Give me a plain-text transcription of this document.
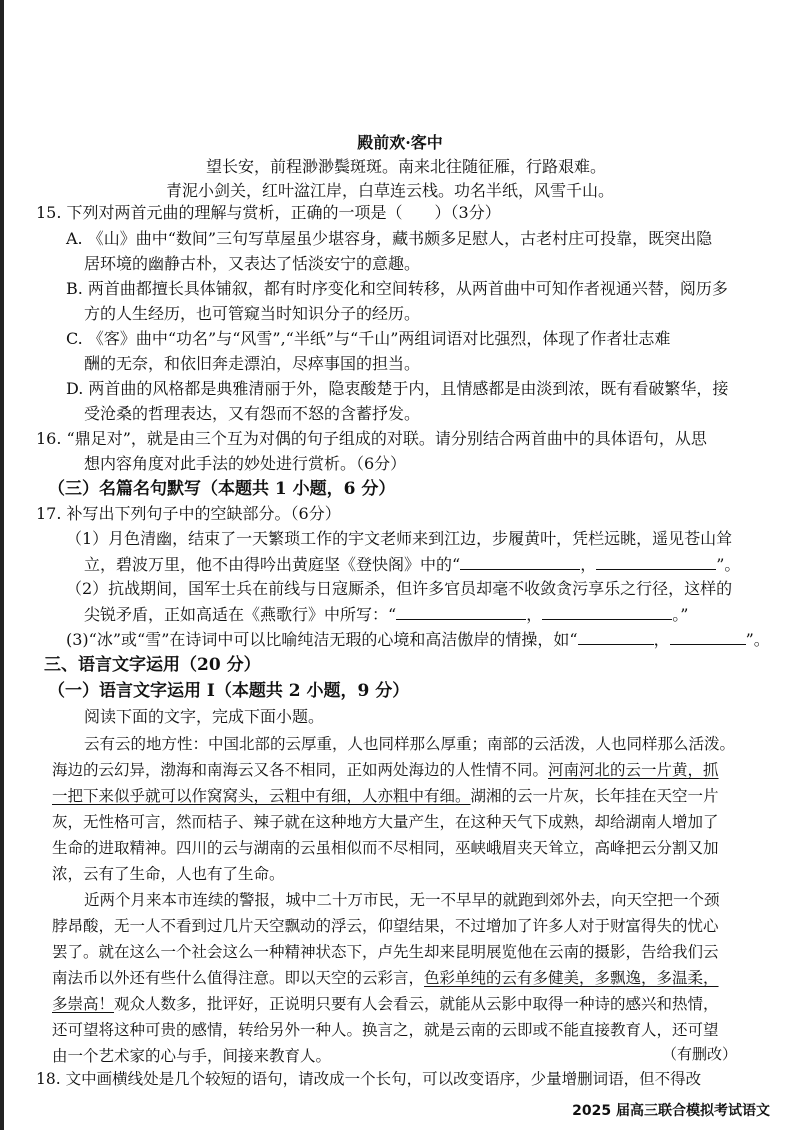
殿前欢·客中
望长安，前程渺渺鬓斑斑。南来北往随征雁，行路艰难。
青泥小剑关，红叶湓江岸，白草连云栈。功名半纸，风雪千山。
15. 下列对两首元曲的理解与赏析，正确的一项是（　　）（3分）
A. 《山》曲中“数间”三句写草屋虽少堪容身，藏书颇多足慰人，古老村庄可投靠，既突出隐
居环境的幽静古朴，又表达了恬淡安宁的意趣。
B. 两首曲都擅长具体铺叙，都有时序变化和空间转移，从两首曲中可知作者视通兴替，阅历多
方的人生经历，也可管窥当时知识分子的经历。
C. 《客》曲中“功名”与“风雪”,“半纸”与“千山”两组词语对比强烈，体现了作者壮志难
酬的无奈，和依旧奔走漂泊，尽瘁事国的担当。
D. 两首曲的风格都是典雅清丽于外，隐衷酸楚于内，且情感都是由淡到浓，既有看破繁华，接
受沧桑的哲理表达，又有怨而不怒的含蓄抒发。
16. “鼎足对”，就是由三个互为对偶的句子组成的对联。请分别结合两首曲中的具体语句，从思
想内容角度对此手法的妙处进行赏析。（6分）
（三）名篇名句默写（本题共 1 小题，6 分）
17. 补写出下列句子中的空缺部分。（6分）
（1）月色清幽，结束了一天繁琐工作的宇文老师来到江边，步履黄叶，凭栏远眺，遥见苍山耸
立，碧波万里，他不由得吟出黄庭坚《登快阁》中的“	，	”。
（2）抗战期间，国军士兵在前线与日寇厮杀，但许多官员却毫不收敛贪污享乐之行径，这样的
尖锐矛盾，正如高适在《燕歌行》中所写：“	，	。”
(3)“冰”或“雪”在诗词中可以比喻纯洁无瑕的心境和高洁傲岸的情操，如“	，	”。
三、语言文字运用（20 分）
（一）语言文字运用 I（本题共 2 小题，9 分）
阅读下面的文字，完成下面小题。
云有云的地方性：中国北部的云厚重，人也同样那么厚重；南部的云活泼，人也同样那么活泼。
海边的云幻异，渤海和南海云又各不相同，正如两处海边的人性情不同。河南河北的云一片黄，抓
一把下来似乎就可以作窝窝头，云粗中有细，人亦粗中有细。湖湘的云一片灰，长年挂在天空一片
灰，无性格可言，然而桔子、辣子就在这种地方大量产生，在这种天气下成熟，却给湖南人增加了
生命的进取精神。四川的云与湖南的云虽相似而不尽相同，巫峡峨眉夹天耸立，高峰把云分割又加
浓，云有了生命，人也有了生命。
近两个月来本市连续的警报，城中二十万市民，无一不早早的就跑到郊外去，向天空把一个颈
脖昂酸，无一人不看到过几片天空飘动的浮云，仰望结果，不过增加了许多人对于财富得失的忧心
罢了。就在这么一个社会这么一种精神状态下，卢先生却来昆明展览他在云南的摄影，告给我们云
南法币以外还有些什么值得注意。即以天空的云彩言，色彩单纯的云有多健美，多飘逸，多温柔，
多崇高！观众人数多，批评好，正说明只要有人会看云，就能从云影中取得一种诗的感兴和热情，
还可望将这种可贵的感情，转给另外一种人。换言之，就是云南的云即或不能直接教育人，还可望
由一个艺术家的心与手，间接来教育人。	（有删改）
18. 文中画横线处是几个较短的语句，请改成一个长句，可以改变语序，少量增删词语，但不得改
2025 届高三联合模拟考试语文
